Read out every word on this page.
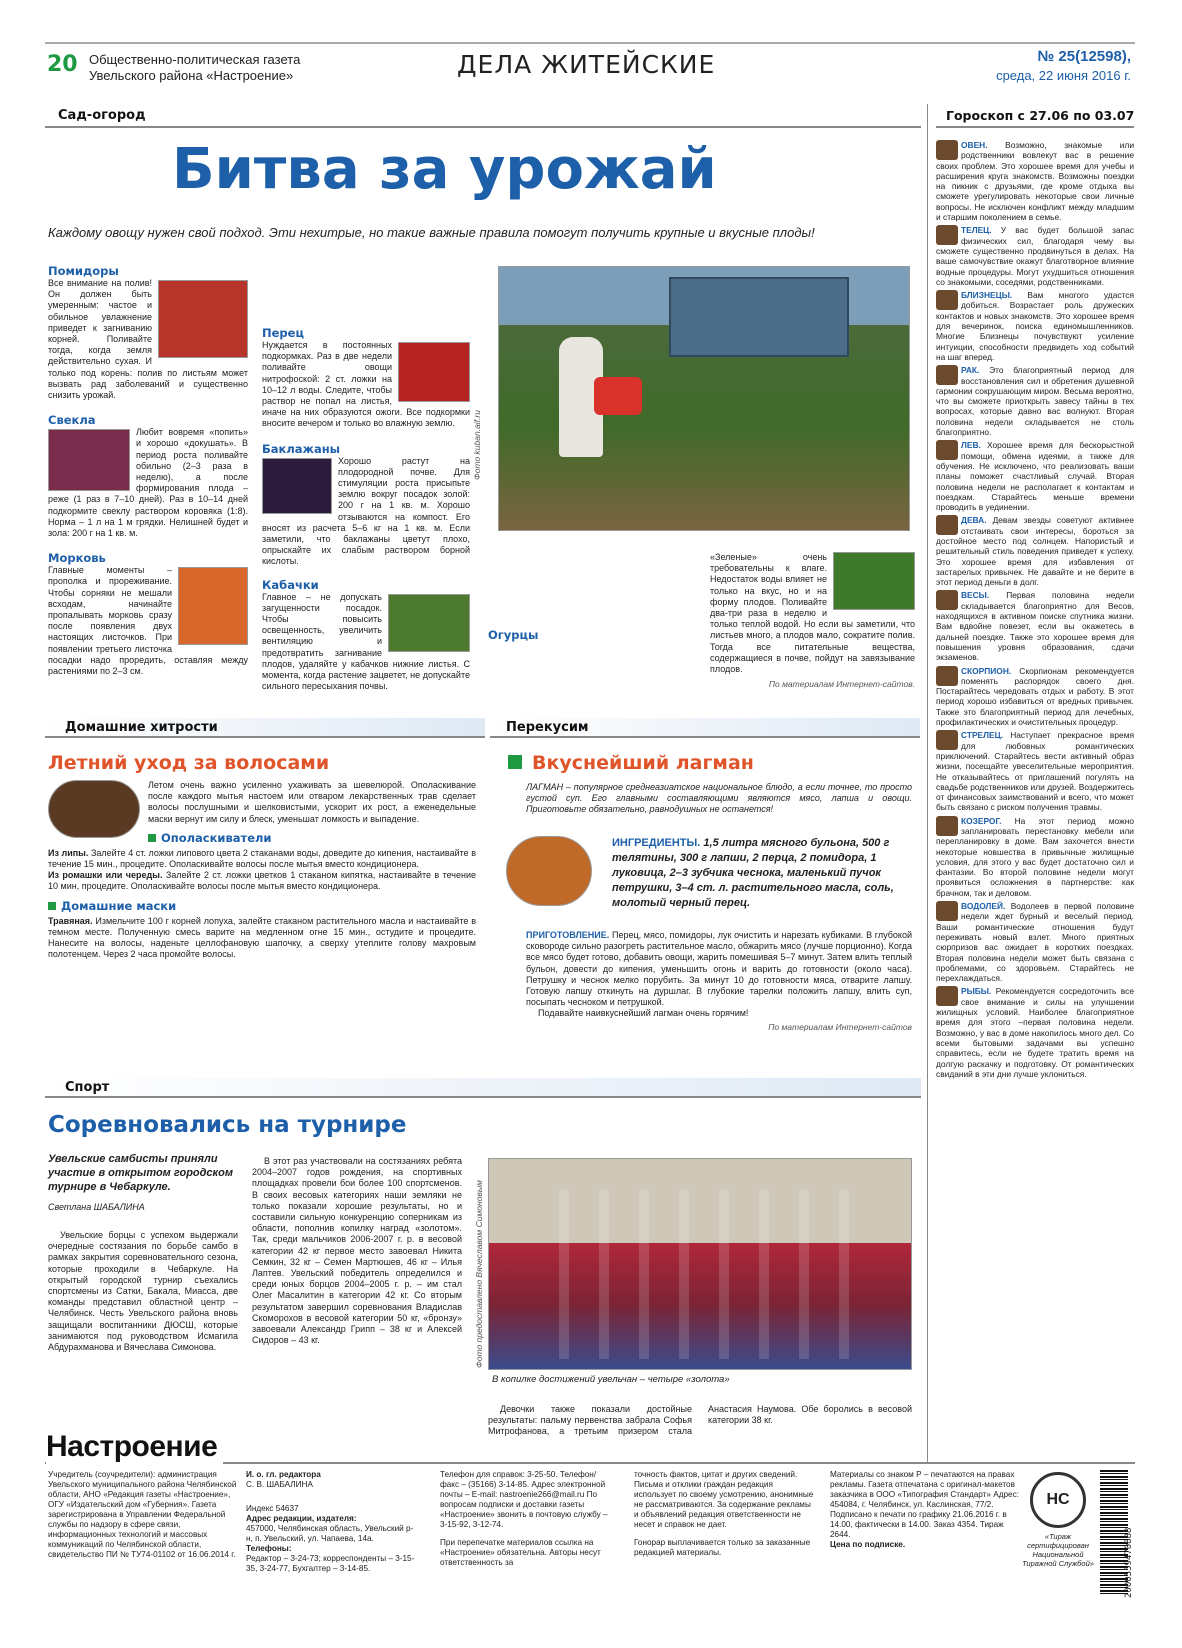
20 Общественно-политическая газета
Увельского района «Настроение»	ДЕЛА ЖИТЕЙСКИЕ	№ 25(12598),
среда, 22 июня 2016 г.
Сад-огород
Битва за урожай
Каждому овощу нужен свой подход. Эти нехитрые, но такие важные правила помогут получить крупные и вкусные плоды!
Помидоры
Все внимание на полив! Он должен быть умеренным: частое и обильное увлажнение приведет к загниванию корней. Поливайте тогда, когда земля действительно сухая. И только под корень: полив по листьям может вызвать рад заболеваний и существенно снизить урожай.
Свекла
Любит вовремя «попить» и хорошо «докушать». В период роста поливайте обильно (2–3 раза в неделю), а после формирования плода – реже (1 раз в 7–10 дней). Раз в 10–14 дней подкормите свеклу раствором коровяка (1:8). Норма – 1 л на 1 м грядки. Нелишней будет и зола: 200 г на 1 кв. м.
Морковь
Главные моменты – прополка и прореживание. Чтобы сорняки не мешали всходам, начинайте пропалывать морковь сразу после появления двух настоящих листочков. При появлении третьего листочка посадки надо проредить, оставляя между растениями по 2–3 см.
Перец
Нуждается в постоянных подкормках. Раз в две недели поливайте овощи нитрофоской: 2 ст. ложки на 10–12 л воды. Следите, чтобы раствор не попал на листья, иначе на них образуются ожоги. Все подкормки вносите вечером и только во влажную землю.
Баклажаны
Хорошо растут на плодородной почве. Для стимуляции роста присыпьте землю вокруг посадок золой: 200 г на 1 кв. м. Хорошо отзываются на компост. Его вносят из расчета 5–6 кг на 1 кв. м. Если заметили, что баклажаны цветут плохо, опрыскайте их слабым раствором борной кислоты.
Кабачки
Главное – не допускать загущенности посадок. Чтобы повысить освещенность, увеличить вентиляцию и предотвратить загнивание плодов, удаляйте у кабачков нижние листья. С момента, когда растение зацветет, не допускайте сильного пересыхания почвы.
Фото kuban.aif.ru
Огурцы
«Зеленые» очень требовательны к влаге. Недостаток воды влияет не только на вкус, но и на форму плодов. Поливайте два-три раза в неделю и только теплой водой. Но если вы заметили, что листьев много, а плодов мало, сократите полив. Тогда все питательные вещества, содержащиеся в почве, пойдут на завязывание плодов.
По материалам Интернет-сайтов.
Домашние хитрости
Летний уход за волосами
Летом очень важно усиленно ухаживать за шевелюрой. Ополаскивание после каждого мытья настоем или отваром лекарственных трав сделает волосы послушными и шелковистыми, ускорит их рост, а еженедельные маски вернут им силу и блеск, уменьшат ломкость и выпадение.
Ополаскиватели
Из липы. Залейте 4 ст. ложки липового цвета 2 стаканами воды, доведите до кипения, настаивайте в течение 15 мин., процедите. Ополаскивайте волосы после мытья вместо кондиционера.
Из ромашки или череды. Залейте 2 ст. ложки цветков 1 стаканом кипятка, настаивайте в течение 10 мин, процедите. Ополаскивайте волосы после мытья вместо кондиционера.
Домашние маски
Травяная. Измельчите 100 г корней лопуха, залейте стаканом растительного масла и настаивайте в темном месте. Полученную смесь варите на медленном огне 15 мин., остудите и процедите. Нанесите на волосы, наденьте целлофановую шапочку, а сверху утеплите голову махровым полотенцем. Через 2 часа промойте волосы.
Перекусим
Вкуснейший лагман
ЛАГМАН – популярное среднеазиатское национальное блюдо, а если точнее, то просто густой суп. Его главными составляющими являются мясо, лапша и овощи. Приготовьте обязательно, равнодушных не останется!
ИНГРЕДИЕНТЫ. 1,5 литра мясного бульона, 500 г телятины, 300 г лапши, 2 перца, 2 помидора, 1 луковица, 2–3 зубчика чеснока, маленький пучок петрушки, 3–4 ст. л. растительного масла, соль, молотый черный перец.
ПРИГОТОВЛЕНИЕ. Перец, мясо, помидоры, лук очистить и нарезать кубиками. В глубокой сковороде сильно разогреть растительное масло, обжарить мясо (лучше порционно). Когда все мясо будет готово, добавить овощи, жарить помешивая 5–7 минут. Затем влить теплый бульон, довести до кипения, уменьшить огонь и варить до готовности (около часа). Петрушку и чеснок мелко порубить. За минут 10 до готовности мяса, отварите лапшу. Готовую лапшу откинуть на дуршлаг. В глубокие тарелки положить лапшу, влить суп, посыпать чесноком и петрушкой.
Подавайте наивкуснейший лагман очень горячим!
По материалам Интернет-сайтов
Спорт
Соревновались на турнире
Увельские самбисты приняли участие в открытом городском турнире в Чебаркуле.
Светлана ШАБАЛИНА
Увельские борцы с успехом выдержали очередные состязания по борьбе самбо в рамках закрытия соревновательного сезона, которые проходили в Чебаркуле. На открытый городской турнир съехались спортсмены из Сатки, Бакала, Миасса, две команды представил областной центр – Челябинск. Честь Увельского района вновь защищали воспитанники ДЮСШ, которые занимаются под руководством Исмагила Абдурахманова и Вячеслава Симонова.
В этот раз участвовали на состязаниях ребята 2004–2007 годов рождения, на спортивных площадках провели бои более 100 спортсменов. В своих весовых категориях наши земляки не только показали хорошие результаты, но и составили сильную конкуренцию соперникам из области, пополнив копилку наград «золотом». Так, среди мальчиков 2006-2007 г. р. в весовой категории 42 кг первое место завоевал Никита Семкин, 32 кг – Семен Мартюшев, 46 кг – Илья Лаптев. Увельский победитель определился и среди юных борцов 2004–2005 г. р. – им стал Олег Масалитин в категории 42 кг. Со вторым результатом завершил соревнования Владислав Скоморохов в весовой категории 50 кг, «бронзу» завоевали Александр Грипп – 38 кг и Алексей Сидоров – 43 кг.	Фото предоставлено Вячеславом Симоновым
В копилке достижений увельчан – четыре «золота»
Девочки также показали достойные результаты: пальму первенства забрала Софья Митрофанова, а третьим призером стала Анастасия Наумова. Обе боролись в весовой категории 38 кг.
Гороскоп с 27.06 по 03.07
ОВЕН. Возможно, знакомые или родственники вовлекут вас в решение своих проблем. Это хорошее время для учебы и расширения круга знакомств. Возможны поездки на пикник с друзьями, где кроме отдыха вы сможете урегулировать некоторые свои личные вопросы. Не исключен конфликт между младшим и старшим поколением в семье.
ТЕЛЕЦ. У вас будет большой запас физических сил, благодаря чему вы сможете существенно продвинуться в делах. На ваше самочувствие окажут благотворное влияние водные процедуры. Могут ухудшиться отношения со знакомыми, соседями, родственниками.
БЛИЗНЕЦЫ. Вам многого удастся добиться. Возрастает роль дружеских контактов и новых знакомств. Это хорошее время для вечеринок, поиска единомышленников. Многие Близнецы почувствуют усиление интуиции, способности предвидеть ход событий на шаг вперед.
РАК. Это благоприятный период для восстановления сил и обретения душевной гармонии сокрушающим миром. Весьма вероятно, что вы сможете приоткрыть завесу тайны в тех вопросах, которые давно вас волнуют. Вторая половина недели складывается не столь благоприятно.
ЛЕВ. Хорошее время для бескорыстной помощи, обмена идеями, а также для обучения. Не исключено, что реализовать ваши планы поможет счастливый случай. Вторая половина недели не располагает к контактам и поездкам. Старайтесь меньше времени проводить в уединении.
ДЕВА. Девам звезды советуют активнее отстаивать свои интересы, бороться за достойное место под солнцем. Напористый и решительный стиль поведения приведет к успеху. Это хорошее время для избавления от застарелых привычек. Не давайте и не берите в этот период деньги в долг.
ВЕСЫ. Первая половина недели складывается благоприятно для Весов, находящихся в активном поиске спутника жизни. Вам вдвойне повезет, если вы окажетесь в дальней поездке. Также это хорошее время для повышения уровня образования, сдачи экзаменов.
СКОРПИОН. Скорпионам рекомендуется поменять распорядок своего дня. Постарайтесь чередовать отдых и работу. В этот период хорошо избавиться от вредных привычек. Также это благоприятный период для лечебных, профилактических и очистительных процедур.
СТРЕЛЕЦ. Наступает прекрасное время для любовных романтических приключений. Старайтесь вести активный образ жизни, посещайте увеселительные мероприятия. Не отказывайтесь от приглашений погулять на свадьбе родственников или друзей. Воздержитесь от финансовых заимствований и всего, что может быть связано с риском получения травмы.
КОЗЕРОГ. На этот период можно запланировать перестановку мебели или перепланировку в доме. Вам захочется внести некоторые новшества в привычные жилищные условия, для этого у вас будет достаточно сил и фантазии. Во второй половине недели могут проявиться осложнения в партнерстве: как брачном, так и деловом.
ВОДОЛЕЙ. Водолеев в первой половине недели ждет бурный и веселый период. Ваши романтические отношения будут переживать новый взлет. Много приятных сюрпризов вас ожидает в коротких поездках. Вторая половина недели может быть связана с проблемами, со здоровьем. Старайтесь не перехлаждаться.
РЫБЫ. Рекомендуется сосредоточить все свое внимание и силы на улучшении жилищных условий. Наиболее благоприятное время для этого –первая половина недели. Возможно, у вас в доме накопилось много дел. Со всеми бытовыми задачами вы успешно справитесь, если не будете тратить время на долгую раскачку и подготовку. От романтических свиданий в эти дни лучше уклониться.
Настроение
Учредитель (соучредители): администрация Увельского муниципального района Челябинской области, АНО «Редакция газеты «Настроение», ОГУ «Издательский дом «Губерния». Газета зарегистрирована в Управлении Федеральной службы по надзору в сфере связи, информационных технологий и массовых коммуникаций по Челябинской области, свидетельство ПИ № ТУ74-01102 от 16.06.2014 г.
И. о. гл. редактора
С. В. ШАБАЛИНА
Индекс 54637
Адрес редакции, издателя:
457000, Челябинская область, Увельский р-н, п. Увельский, ул. Чапаева, 14а.
Телефоны:
Редактор – 3-24-73; корреспонденты – 3-15-35, 3-24-77, Бухгалтер – 3-14-85.
Телефон для справок: 3-25-50. Телефон/факс – (35166) 3-14-85. Адрес электронной почты – E-mail: nastroenie266@mail.ru По вопросам подписки и доставки газеты «Настроение» звонить в почтовую службу – 3-15-92, 3-12-74.
При перепечатке материалов ссылка на «Настроение» обязательна. Авторы несут ответственность за
точность фактов, цитат и других сведений. Письма и отклики граждан редакция использует по своему усмотрению, анонимные не рассматриваются. За содержание рекламы и объявлений редакция ответственности не несет и справок не дает.
Гонорар выплачивается только за заказанные редакцией материалы.
Материалы со знаком Р – печатаются на правах рекламы. Газета отпечатана с оригинал-макетов заказчика в ООО «Типография Стандарт» Адрес: 454084, г. Челябинск, ул. Каслинская, 77/2. Подписано к печати по графику 21.06.2016 г. в 14.00, фактически в 14.00. Заказ 4354. Тираж 2644.
Цена по подписке.
НС
«Тираж сертифицирован Национальной Тиражной Службой»	2000559470888
